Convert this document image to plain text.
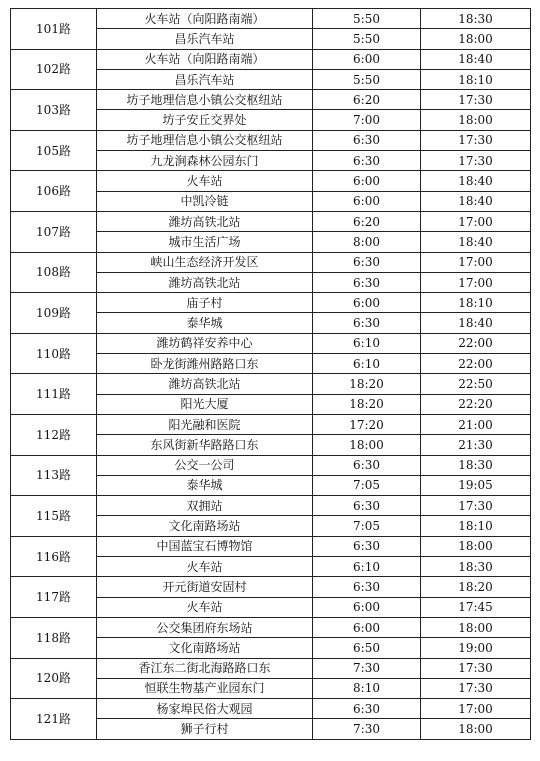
101路	火车站（向阳路南端）	5:50	18:30
	昌乐汽车站	5:50	18:00
102路	火车站（向阳路南端）	6:00	18:40
	昌乐汽车站	5:50	18:10
103路	坊子地理信息小镇公交枢纽站	6:20	17:30
	坊子安丘交界处	7:00	18:00
105路	坊子地理信息小镇公交枢纽站	6:30	17:30
	九龙涧森林公园东门	6:30	17:30
106路	火车站	6:00	18:40
	中凯冷链	6:00	18:40
107路	潍坊高铁北站	6:20	17:00
	城市生活广场	8:00	18:40
108路	峡山生态经济开发区	6:30	17:00
	潍坊高铁北站	6:30	17:00
109路	庙子村	6:00	18:10
	泰华城	6:30	18:40
110路	潍坊鹤祥安养中心	6:10	22:00
	卧龙街潍州路路口东	6:10	22:00
111路	潍坊高铁北站	18:20	22:50
	阳光大厦	18:20	22:20
112路	阳光融和医院	17:20	21:00
	东风街新华路路口东	18:00	21:30
113路	公交一公司	6:30	18:30
	泰华城	7:05	19:05
115路	双拥站	6:30	17:30
	文化南路场站	7:05	18:10
116路	中国蓝宝石博物馆	6:30	18:00
	火车站	6:10	18:30
117路	开元街道安固村	6:30	18:20
	火车站	6:00	17:45
118路	公交集团府东场站	6:00	18:00
	文化南路场站	6:50	19:00
120路	香江东二街北海路路口东	7:30	17:30
	恒联生物基产业园东门	8:10	17:30
121路	杨家埠民俗大观园	6:30	17:00
	狮子行村	7:30	18:00
